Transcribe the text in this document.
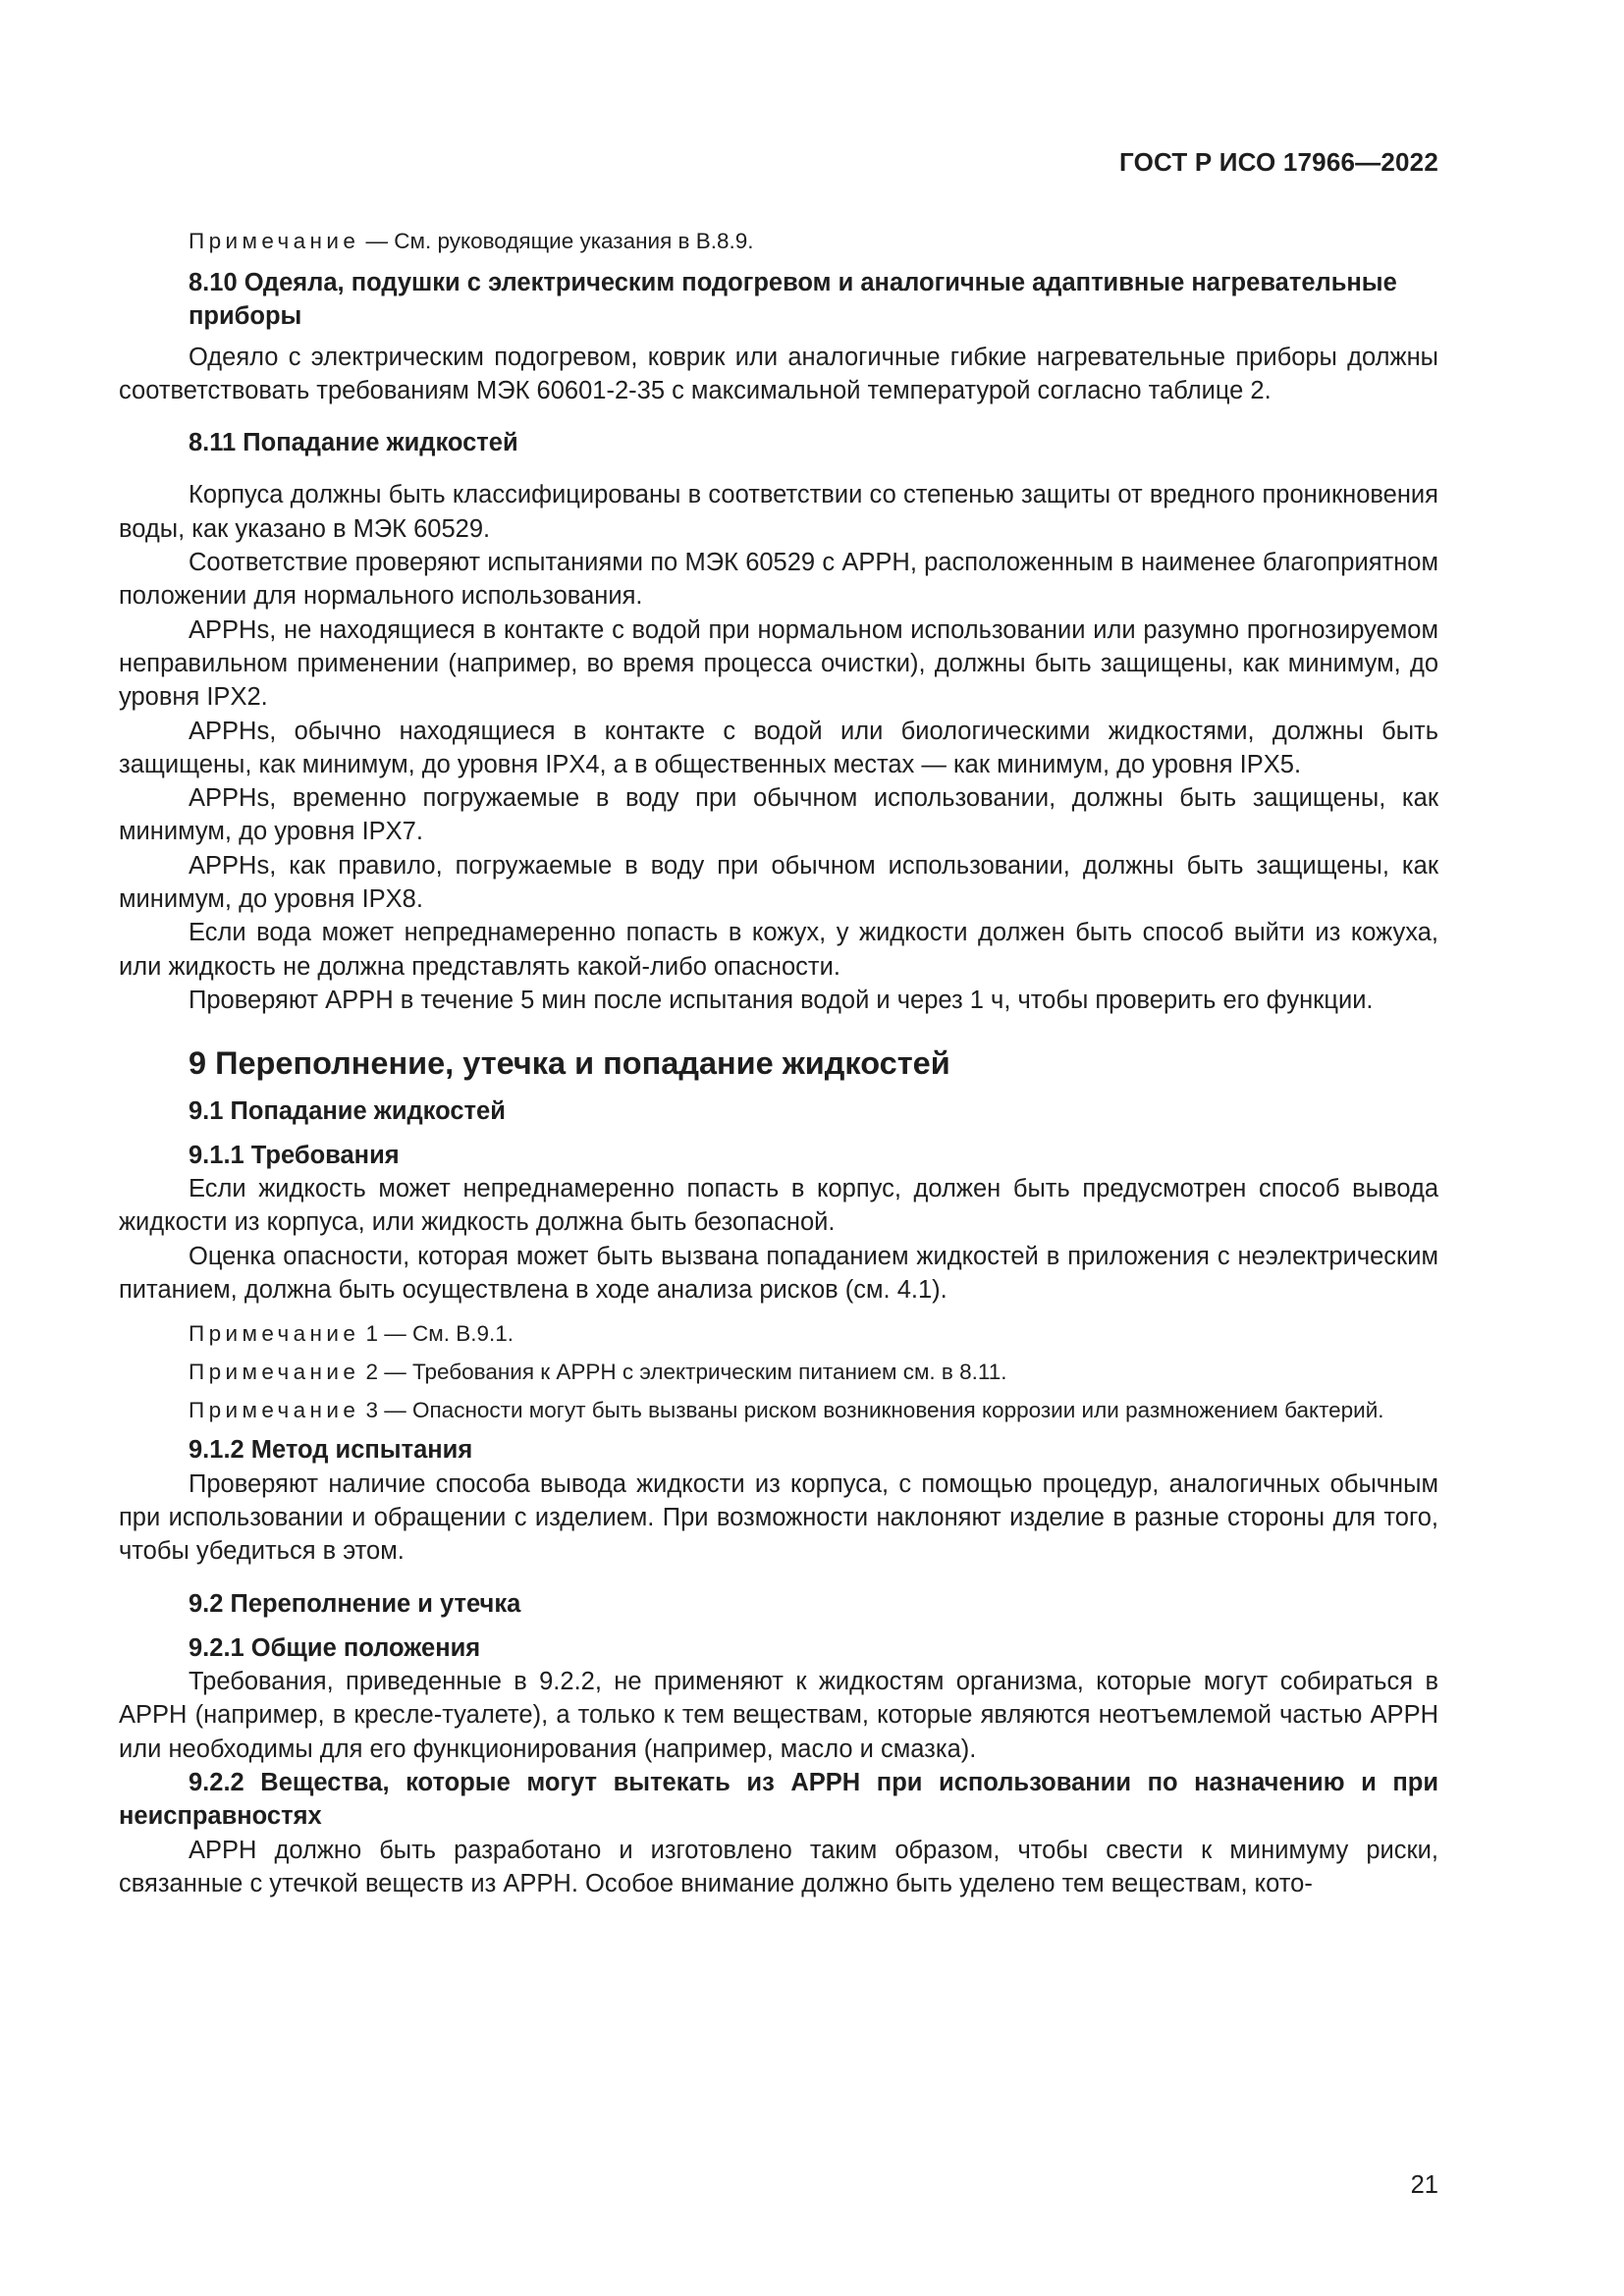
ГОСТ Р ИСО 17966—2022

Примечание — См. руководящие указания в В.8.9.

8.10 Одеяла, подушки с электрическим подогревом и аналогичные адаптивные нагревательные приборы

Одеяло с электрическим подогревом, коврик или аналогичные гибкие нагревательные приборы должны соответствовать требованиям МЭК 60601-2-35 с максимальной температурой согласно таблице 2.

8.11 Попадание жидкостей

Корпуса должны быть классифицированы в соответствии со степенью защиты от вредного проникновения воды, как указано в МЭК 60529.

Соответствие проверяют испытаниями по МЭК 60529 с APPH, расположенным в наименее благоприятном положении для нормального использования.

APPHs, не находящиеся в контакте с водой при нормальном использовании или разумно прогнозируемом неправильном применении (например, во время процесса очистки), должны быть защищены, как минимум, до уровня IPX2.

APPHs, обычно находящиеся в контакте с водой или биологическими жидкостями, должны быть защищены, как минимум, до уровня IPX4, а в общественных местах — как минимум, до уровня IPX5.

APPHs, временно погружаемые в воду при обычном использовании, должны быть защищены, как минимум, до уровня IPX7.

APPHs, как правило, погружаемые в воду при обычном использовании, должны быть защищены, как минимум, до уровня IPX8.

Если вода может непреднамеренно попасть в кожух, у жидкости должен быть способ выйти из кожуха, или жидкость не должна представлять какой-либо опасности.

Проверяют APPH в течение 5 мин после испытания водой и через 1 ч, чтобы проверить его функции.

9 Переполнение, утечка и попадание жидкостей

9.1 Попадание жидкостей

9.1.1 Требования

Если жидкость может непреднамеренно попасть в корпус, должен быть предусмотрен способ вывода жидкости из корпуса, или жидкость должна быть безопасной.

Оценка опасности, которая может быть вызвана попаданием жидкостей в приложения с неэлектрическим питанием, должна быть осуществлена в ходе анализа рисков (см. 4.1).

Примечание 1 — См. В.9.1.

Примечание 2 — Требования к APPH с электрическим питанием см. в 8.11.

Примечание 3 — Опасности могут быть вызваны риском возникновения коррозии или размножением бактерий.

9.1.2 Метод испытания

Проверяют наличие способа вывода жидкости из корпуса, с помощью процедур, аналогичных обычным при использовании и обращении с изделием. При возможности наклоняют изделие в разные стороны для того, чтобы убедиться в этом.

9.2 Переполнение и утечка

9.2.1 Общие положения

Требования, приведенные в 9.2.2, не применяют к жидкостям организма, которые могут собираться в APPH (например, в кресле-туалете), а только к тем веществам, которые являются неотъемлемой частью APPH или необходимы для его функционирования (например, масло и смазка).

9.2.2 Вещества, которые могут вытекать из APPH при использовании по назначению и при неисправностях

APPH должно быть разработано и изготовлено таким образом, чтобы свести к минимуму риски, связанные с утечкой веществ из APPH. Особое внимание должно быть уделено тем веществам, кото-

21
